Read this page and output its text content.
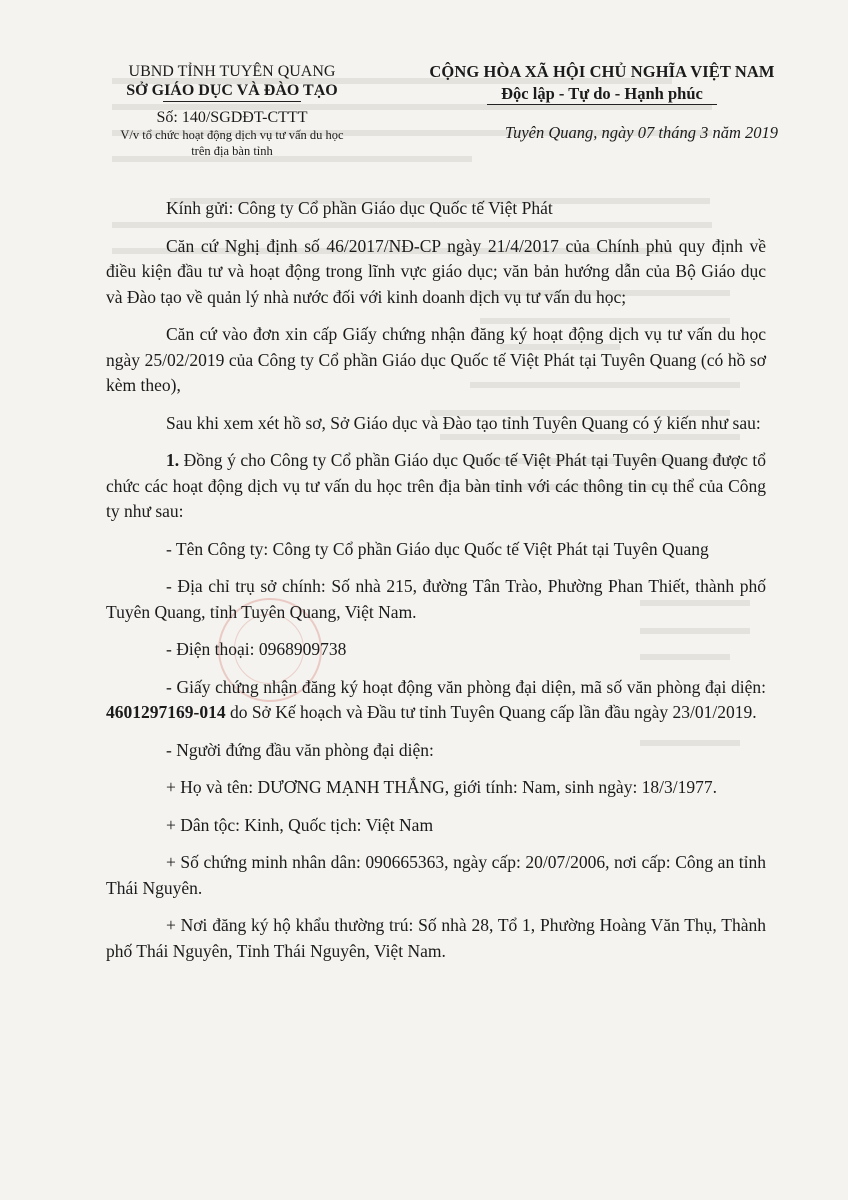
UBND TỈNH TUYÊN QUANG
SỞ GIÁO DỤC VÀ ĐÀO TẠO
Số: 140/SGDĐT-CTTT
V/v tổ chức hoạt động dịch vụ tư vấn du học
trên địa bàn tỉnh
CỘNG HÒA XÃ HỘI CHỦ NGHĨA VIỆT NAM
Độc lập - Tự do - Hạnh phúc
Tuyên Quang, ngày 07 tháng 3 năm 2019

Kính gửi: Công ty Cổ phần Giáo dục Quốc tế Việt Phát

Căn cứ Nghị định số 46/2017/NĐ-CP ngày 21/4/2017 của Chính phủ quy định về điều kiện đầu tư và hoạt động trong lĩnh vực giáo dục; văn bản hướng dẫn của Bộ Giáo dục và Đào tạo về quản lý nhà nước đối với kinh doanh dịch vụ tư vấn du học;

Căn cứ vào đơn xin cấp Giấy chứng nhận đăng ký hoạt động dịch vụ tư vấn du học ngày 25/02/2019 của Công ty Cổ phần Giáo dục Quốc tế Việt Phát tại Tuyên Quang (có hồ sơ kèm theo),

Sau khi xem xét hồ sơ, Sở Giáo dục và Đào tạo tỉnh Tuyên Quang có ý kiến như sau:

1. Đồng ý cho Công ty Cổ phần Giáo dục Quốc tế Việt Phát tại Tuyên Quang được tổ chức các hoạt động dịch vụ tư vấn du học trên địa bàn tỉnh với các thông tin cụ thể của Công ty như sau:

- Tên Công ty: Công ty Cổ phần Giáo dục Quốc tế Việt Phát tại Tuyên Quang

- Địa chỉ trụ sở chính: Số nhà 215, đường Tân Trào, Phường Phan Thiết, thành phố Tuyên Quang, tỉnh Tuyên Quang, Việt Nam.

- Điện thoại: 0968909738

- Giấy chứng nhận đăng ký hoạt động văn phòng đại diện, mã số văn phòng đại diện: 4601297169-014 do Sở Kế hoạch và Đầu tư tỉnh Tuyên Quang cấp lần đầu ngày 23/01/2019.

- Người đứng đầu văn phòng đại diện:

+ Họ và tên: DƯƠNG MẠNH THẮNG, giới tính: Nam, sinh ngày: 18/3/1977.

+ Dân tộc: Kinh, Quốc tịch: Việt Nam

+ Số chứng minh nhân dân: 090665363, ngày cấp: 20/07/2006, nơi cấp: Công an tỉnh Thái Nguyên.

+ Nơi đăng ký hộ khẩu thường trú: Số nhà 28, Tổ 1, Phường Hoàng Văn Thụ, Thành phố Thái Nguyên, Tỉnh Thái Nguyên, Việt Nam.
